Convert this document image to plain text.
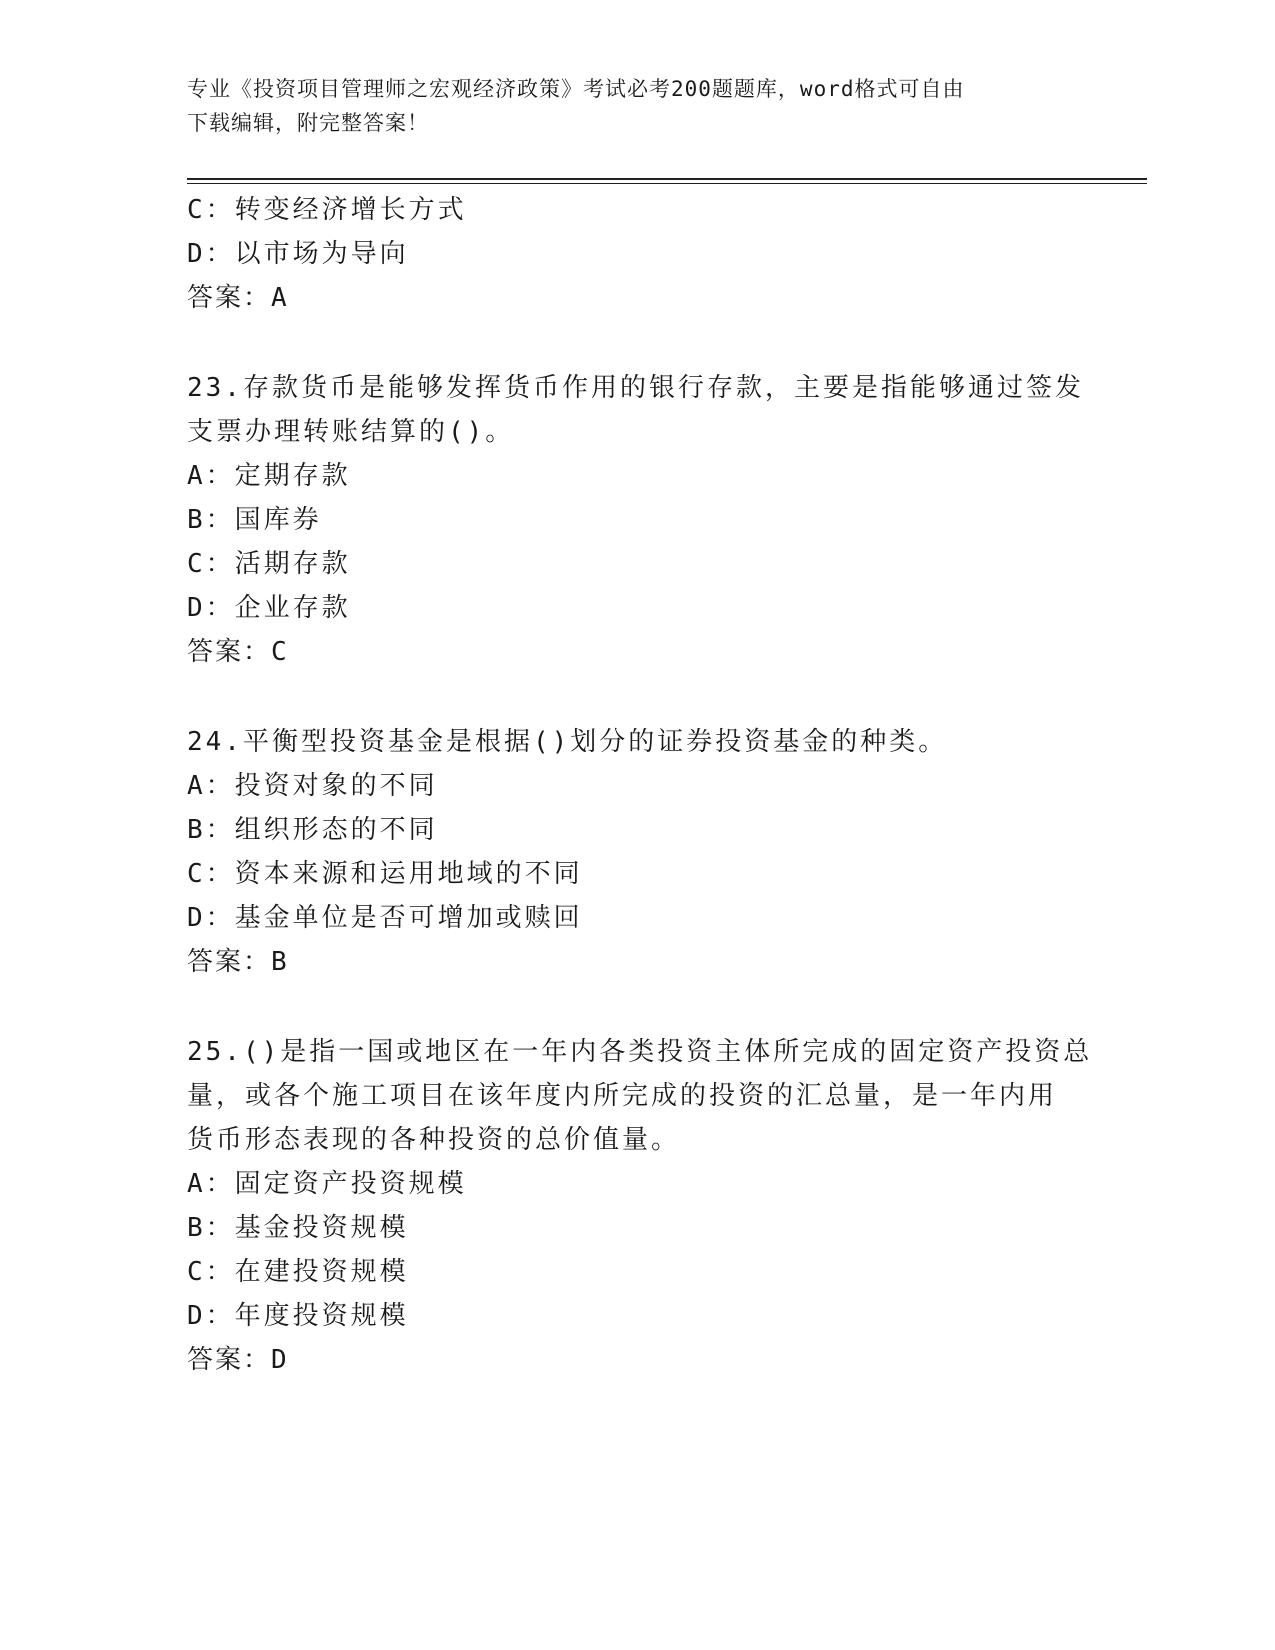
专业《投资项目管理师之宏观经济政策》考试必考200题题库，word格式可自由
下载编辑，附完整答案！
C：转变经济增长方式
D：以市场为导向
答案：A
23.存款货币是能够发挥货币作用的银行存款，主要是指能够通过签发
支票办理转账结算的()。
A：定期存款
B：国库券
C：活期存款
D：企业存款
答案：C
24.平衡型投资基金是根据()划分的证券投资基金的种类。
A：投资对象的不同
B：组织形态的不同
C：资本来源和运用地域的不同
D：基金单位是否可增加或赎回
答案：B
25.()是指一国或地区在一年内各类投资主体所完成的固定资产投资总
量，或各个施工项目在该年度内所完成的投资的汇总量，是一年内用
货币形态表现的各种投资的总价值量。
A：固定资产投资规模
B：基金投资规模
C：在建投资规模
D：年度投资规模
答案：D
